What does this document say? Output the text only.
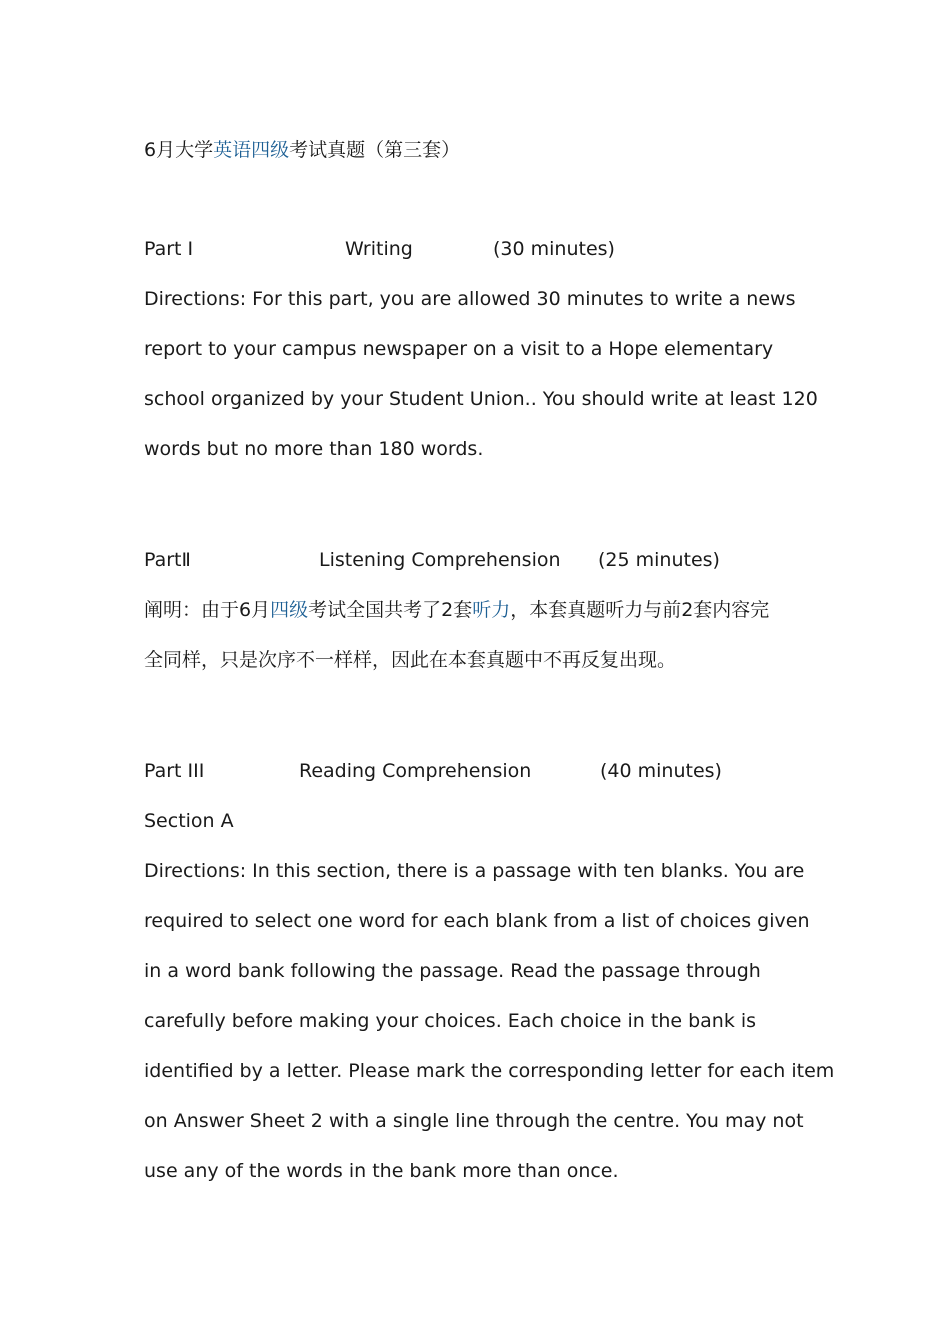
6月大学英语四级考试真题（第三套）
Part I	Writing	(30 minutes)
Directions: For this part, you are allowed 30 minutes to write a news
report to your campus newspaper on a visit to a Hope elementary
school organized by your Student Union.. You should write at least 120
words but no more than 180 words.
PartⅡ	Listening Comprehension (25 minutes)
阐明：由于6月四级考试全国共考了2套听力，本套真题听力与前2套内容完
全同样，只是次序不一样样，因此在本套真题中不再反复出现。
Part III	Reading Comprehension	(40 minutes)
Section A
Directions: In this section, there is a passage with ten blanks. You are
required to select one word for each blank from a list of choices given
in a word bank following the passage. Read the passage through
carefully before making your choices. Each choice in the bank is
identified by a letter. Please mark the corresponding letter for each item
on Answer Sheet 2 with a single line through the centre. You may not
use any of the words in the bank more than once.
